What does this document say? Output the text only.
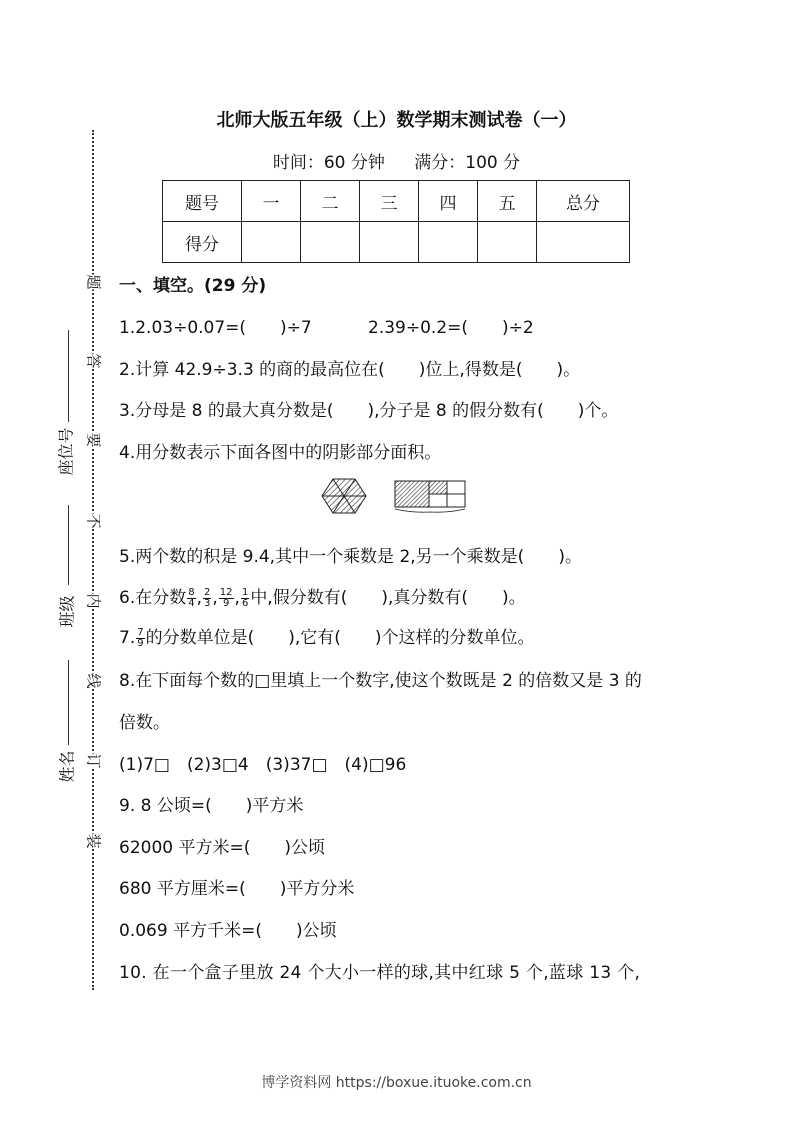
题
答
要
不
内
线
订
装
座位号
班级
姓名
北师大版五年级（上）数学期末测试卷（一）
时间：60 分钟 满分：100 分
题号	一	二	三	四	五	总分
得分						
一、填空。(29 分)
1.2.03÷0.07=(　　)÷7	2.39÷0.2=(　　)÷2
2.计算 42.9÷3.3 的商的最高位在(　　)位上,得数是(　　)。
3.分母是 8 的最大真分数是(　　),分子是 8 的假分数有(　　)个。
4.用分数表示下面各图中的阴影部分面积。
5.两个数的积是 9.4,其中一个乘数是 2,另一个乘数是(　　)。
6.在分数 $\frac{8}{4}$ , $\frac{2}{3}$ , $\frac{12}{9}$ , $\frac{1}{6}$ 中,假分数有(　　),真分数有(　　)。
7. $\frac{7}{9}$ 的分数单位是(　　),它有(　　)个这样的分数单位。
8.在下面每个数的□里填上一个数字,使这个数既是 2 的倍数又是 3 的
倍数。
(1)7□　(2)3□4　(3)37□　(4)□96
9. 8 公顷=(　　)平方米
62000 平方米=(　　)公顷
680 平方厘米=(　　)平方分米
0.069 平方千米=(　　)公顷
10. 在一个盒子里放 24 个大小一样的球,其中红球 5 个,蓝球 13 个,
博学资料网 https://boxue.ituoke.com.cn
